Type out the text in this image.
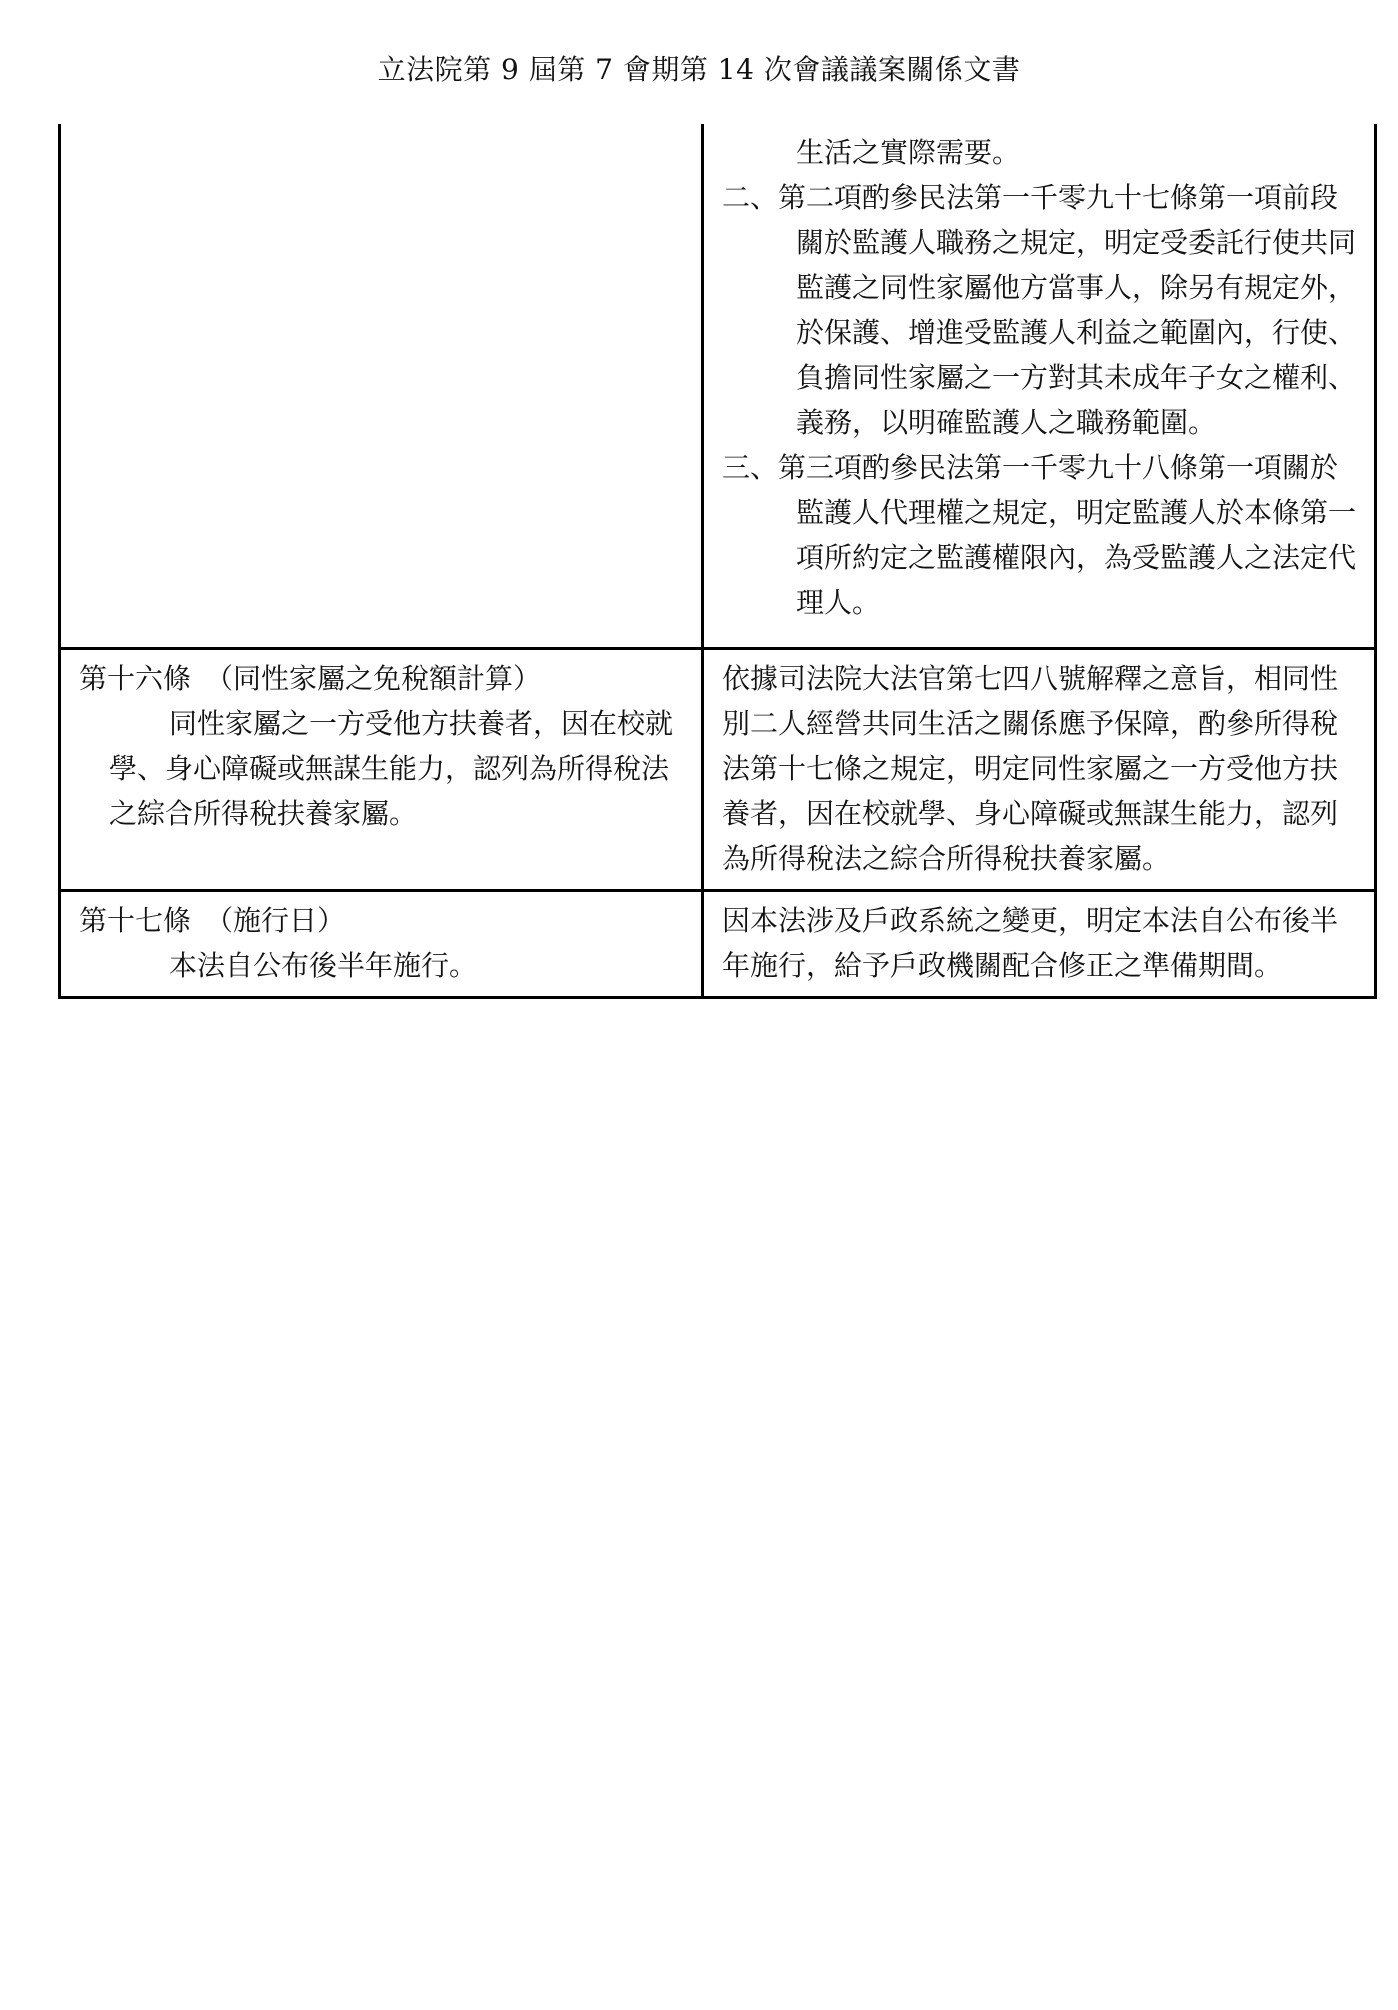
立法院第 9 屆第 7 會期第 14 次會議議案關係文書

	生活之實際需要。
二、第二項酌參民法第一千零九十七條第一項前段關於監護人職務之規定，明定受委託行使共同監護之同性家屬他方當事人，除另有規定外，於保護、增進受監護人利益之範圍內，行使、負擔同性家屬之一方對其未成年子女之權利、義務，以明確監護人之職務範圍。
三、第三項酌參民法第一千零九十八條第一項關於監護人代理權之規定，明定監護人於本條第一項所約定之監護權限內，為受監護人之法定代理人。

第十六條　（同性家屬之免稅額計算）
同性家屬之一方受他方扶養者，因在校就學、身心障礙或無謀生能力，認列為所得稅法之綜合所得稅扶養家屬。	依據司法院大法官第七四八號解釋之意旨，相同性別二人經營共同生活之關係應予保障，酌參所得稅法第十七條之規定，明定同性家屬之一方受他方扶養者，因在校就學、身心障礙或無謀生能力，認列為所得稅法之綜合所得稅扶養家屬。

第十七條　（施行日）
本法自公布後半年施行。	因本法涉及戶政系統之變更，明定本法自公布後半年施行，給予戶政機關配合修正之準備期間。
